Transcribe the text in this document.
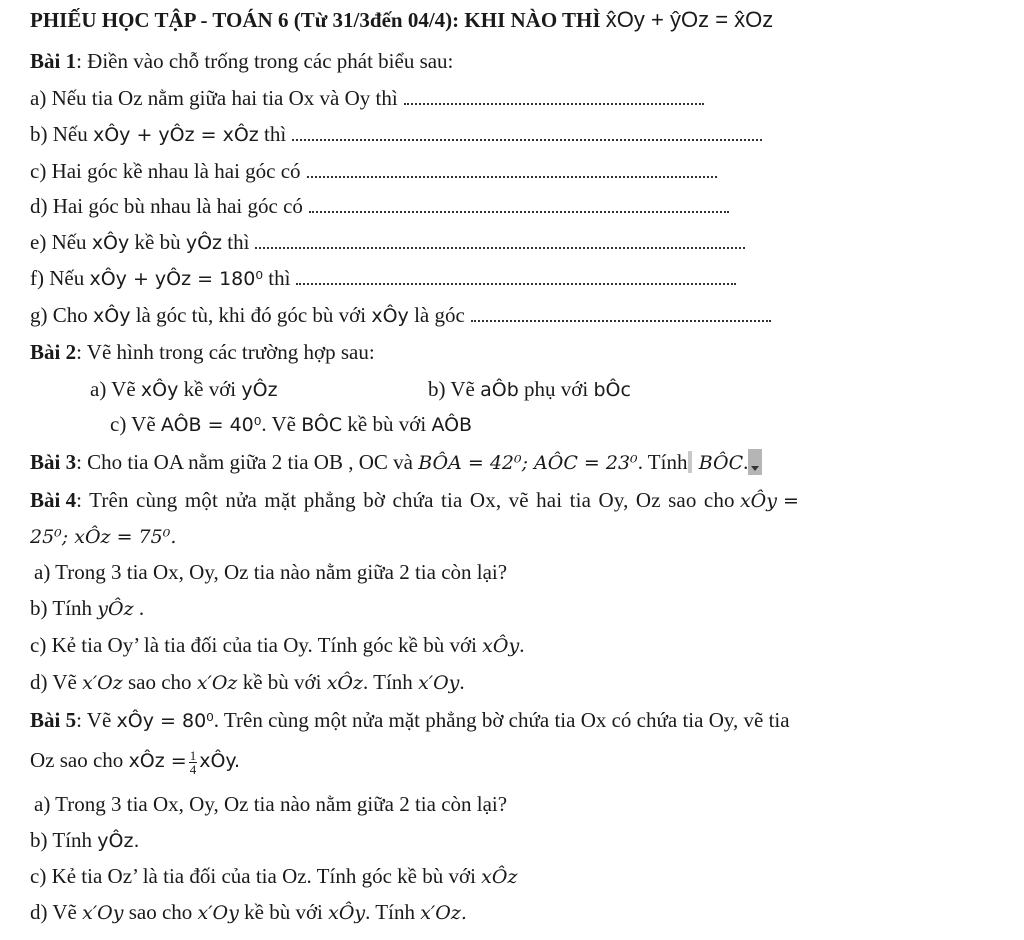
PHIẾU HỌC TẬP - TOÁN 6 (Từ 31/3đến 04/4): KHI NÀO THÌ x̂Oy + ŷOz = x̂Oz
Bài 1: Điền vào chỗ trống trong các phát biểu sau:
a) Nếu tia Oz nằm giữa hai tia Ox và Oy thì
b) Nếu xÔy + yÔz = xÔz thì
c) Hai góc kề nhau là hai góc có
d) Hai góc bù nhau là hai góc có
e) Nếu xÔy kề bù yÔz thì
f) Nếu xÔy + yÔz = 180⁰ thì
g) Cho xÔy là góc tù, khi đó góc bù với xÔy là góc
Bài 2: Vẽ hình trong các trường hợp sau:
a) Vẽ xÔy kề với yÔz	b) Vẽ aÔb phụ với bÔc
c) Vẽ AÔB = 40⁰. Vẽ BÔC kề bù với AÔB
Bài 3: Cho tia OA nằm giữa 2 tia OB , OC và BÔA = 42⁰; AÔC = 23⁰. Tính BÔC.
Bài 4: Trên cùng một nửa mặt phẳng bờ chứa tia Ox, vẽ hai tia Oy, Oz sao cho xÔy =
25⁰; xÔz = 75⁰.
a) Trong 3 tia Ox, Oy, Oz tia nào nằm giữa 2 tia còn lại?
b) Tính yÔz .
c) Kẻ tia Oy’ là tia đối của tia Oy. Tính góc kề bù với xÔy.
d) Vẽ x′Oz sao cho x′Oz kề bù với xÔz. Tính x′Oy.
Bài 5: Vẽ xÔy = 80⁰. Trên cùng một nửa mặt phẳng bờ chứa tia Ox có chứa tia Oy, vẽ tia
Oz sao cho xÔz = $\frac{1}{4}$ xÔy.
a) Trong 3 tia Ox, Oy, Oz tia nào nằm giữa 2 tia còn lại?
b) Tính yÔz.
c) Kẻ tia Oz’ là tia đối của tia Oz. Tính góc kề bù với xÔz
d) Vẽ x′Oy sao cho x′Oy kề bù với xÔy. Tính x′Oz.
